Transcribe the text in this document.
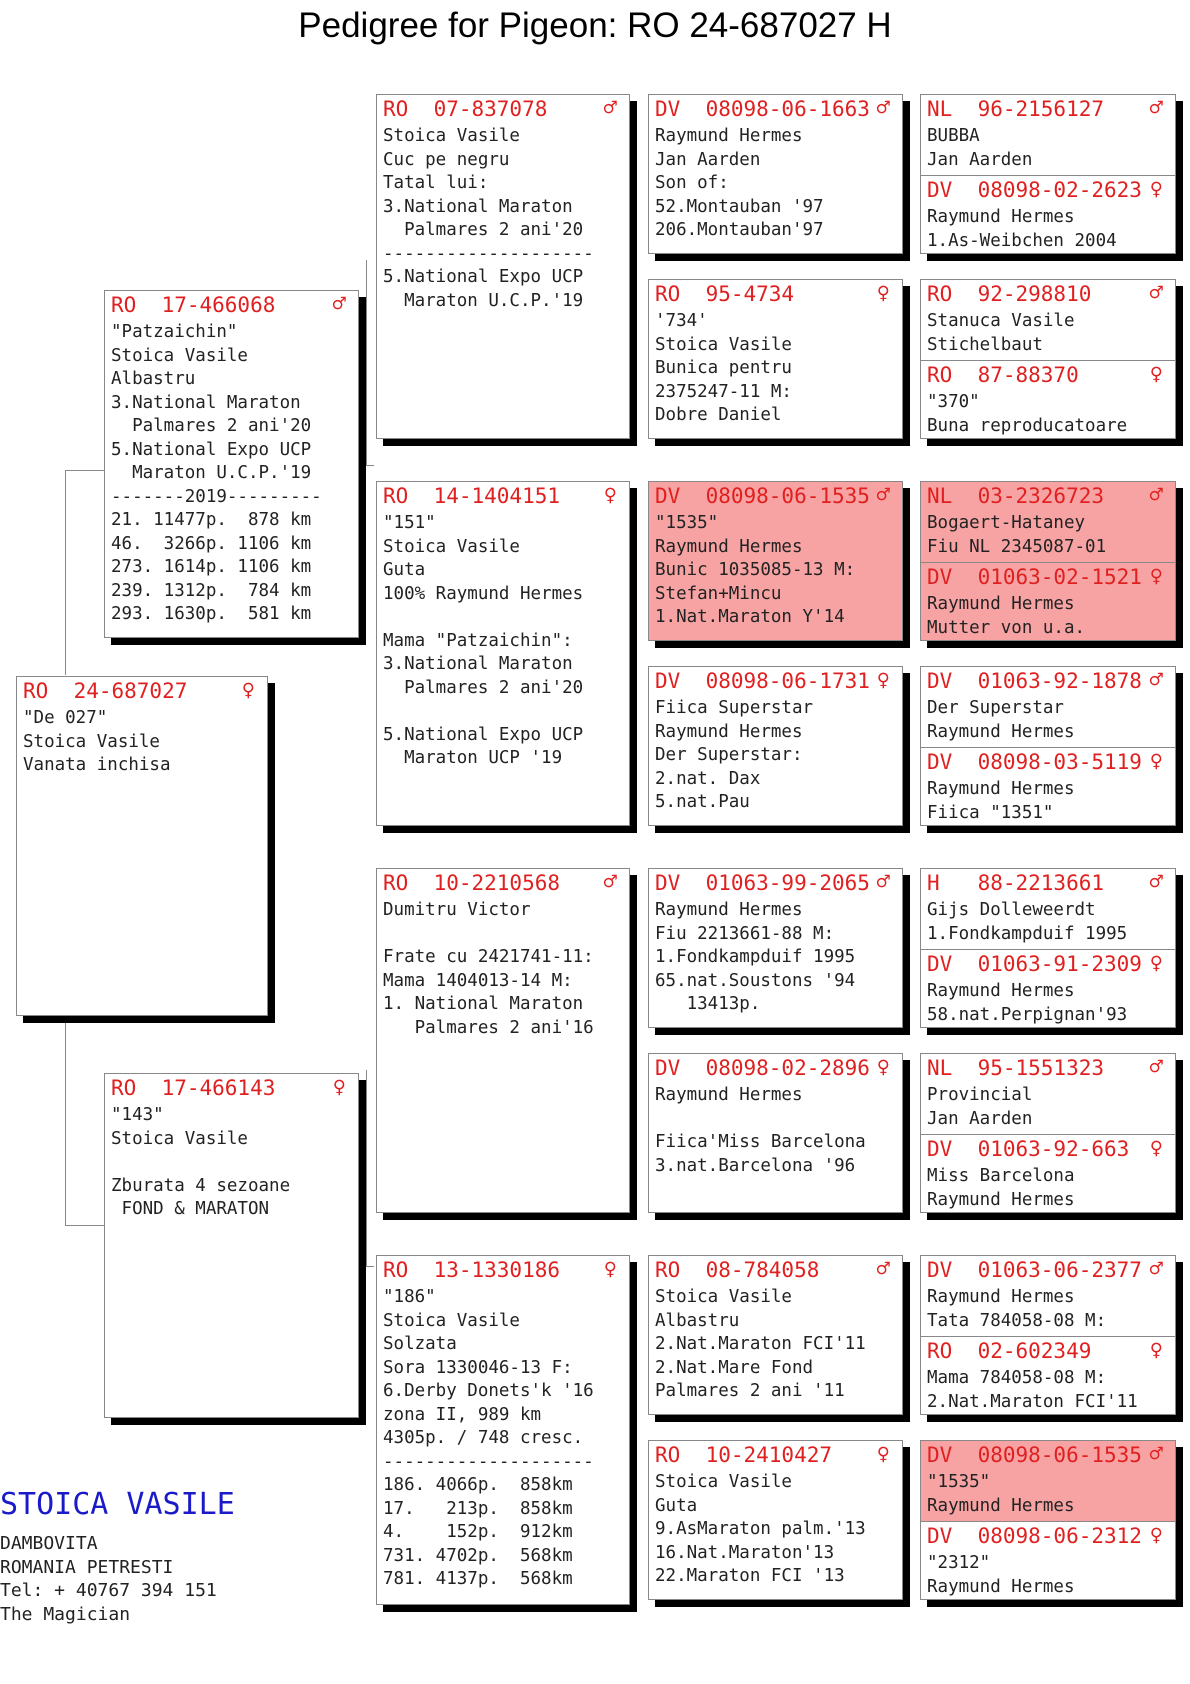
Pedigree for Pigeon: RO 24-687027 H
RO  24-687027 ♀
"De 027"
Stoica Vasile
Vanata inchisa
RO  17-466068	♂
"Patzaichin"
Stoica Vasile
Albastru
3.National Maraton
Palmares 2 ani'20
5.National Expo UCP
Maraton U.C.P.'19
-------2019---------
21. 11477p.  878 km
46.  3266p. 1106 km
273. 1614p. 1106 km
239. 1312p.  784 km
293. 1630p.  581 km
RO  17-466143	♀
"143"
Stoica Vasile
Zburata 4 sezoane
FOND & MARATON
RO  07-837078	♂
Stoica Vasile
Cuc pe negru
Tatal lui:
3.National Maraton
Palmares 2 ani'20
--------------------
5.National Expo UCP
Maraton U.C.P.'19
RO  14-1404151 ♀
"151"
Stoica Vasile
Guta
100% Raymund Hermes
Mama "Patzaichin":
3.National Maraton
Palmares 2 ani'20
5.National Expo UCP
Maraton UCP '19
RO  10-2210568 ♂
Dumitru Victor
Frate cu 2421741-11:
Mama 1404013-14 M:
1. National Maraton
Palmares 2 ani'16
RO  13-1330186 ♀
"186"
Stoica Vasile
Solzata
Sora 1330046-13 F:
6.Derby Donets'k '16
zona II, 989 km
4305p. / 748 cresc.
--------------------
186. 4066p.  858km
17.   213p.  858km
4.    152p.  912km
731. 4702p.  568km
781. 4137p.  568km
DV  08098-06-1663 ♂
Raymund Hermes
Jan Aarden
Son of:
52.Montauban '97
206.Montauban'97
RO  95-4734	♀
'734'
Stoica Vasile
Bunica pentru
2375247-11 M:
Dobre Daniel
DV  08098-06-1535 ♂
"1535"
Raymund Hermes
Bunic 1035085-13 M:
Stefan+Mincu
1.Nat.Maraton Y'14
DV  08098-06-1731 ♀
Fiica Superstar
Raymund Hermes
Der Superstar:
2.nat. Dax
5.nat.Pau
DV  01063-99-2065 ♂
Raymund Hermes
Fiu 2213661-88 M:
1.Fondkampduif 1995
65.nat.Soustons '94
13413p.
DV  08098-02-2896 ♀
Raymund Hermes
Fiica'Miss Barcelona
3.nat.Barcelona '96
RO  08-784058	♂
Stoica Vasile
Albastru
2.Nat.Maraton FCI'11
2.Nat.Mare Fond
Palmares 2 ani '11
RO  10-2410427 ♀
Stoica Vasile
Guta
9.AsMaraton palm.'13
16.Nat.Maraton'13
22.Maraton FCI '13
NL  96-2156127 ♂
BUBBA
Jan Aarden
DV  08098-02-2623 ♀
Raymund Hermes
1.As-Weibchen 2004
RO  92-298810	♂
Stanuca Vasile
Stichelbaut
RO  87-88370	♀
"370"
Buna reproducatoare
NL  03-2326723 ♂
Bogaert-Hataney
Fiu NL 2345087-01
DV  01063-02-1521 ♀
Raymund Hermes
Mutter von u.a.
DV  01063-92-1878 ♂
Der Superstar
Raymund Hermes
DV  08098-03-5119 ♀
Raymund Hermes
Fiica "1351"
H   88-2213661 ♂
Gijs Dolleweerdt
1.Fondkampduif 1995
DV  01063-91-2309 ♀
Raymund Hermes
58.nat.Perpignan'93
NL  95-1551323 ♂
Provincial
Jan Aarden
DV  01063-92-663 ♀
Miss Barcelona
Raymund Hermes
DV  01063-06-2377 ♂
Raymund Hermes
Tata 784058-08 M:
RO  02-602349	♀
Mama 784058-08 M:
2.Nat.Maraton FCI'11
DV  08098-06-1535 ♂
"1535"
Raymund Hermes
DV  08098-06-2312 ♀
"2312"
Raymund Hermes
STOICA VASILE
DAMBOVITA
ROMANIA PETRESTI
Tel: + 40767 394 151
The Magician
